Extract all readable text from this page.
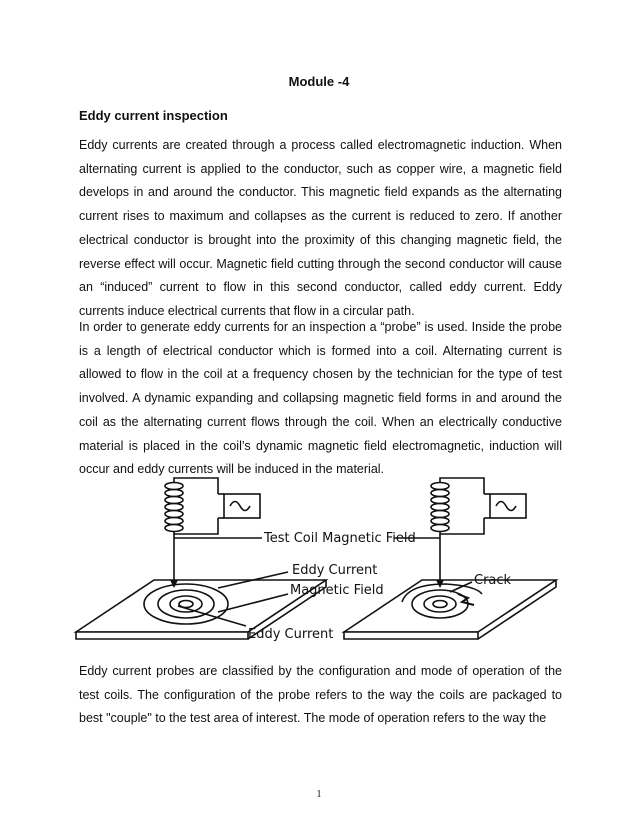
Module -4
Eddy current inspection

Eddy currents are created through a process called electromagnetic induction. When alternating current is applied to the conductor, such as copper wire, a magnetic field develops in and around the conductor. This magnetic field expands as the alternating current rises to maximum and collapses as the current is reduced to zero. If another electrical conductor is brought into the proximity of this changing magnetic field, the reverse effect will occur. Magnetic field cutting through the second conductor will cause an “induced” current to flow in this second conductor, called eddy current. Eddy currents induce electrical currents that flow in a circular path.

In order to generate eddy currents for an inspection a “probe” is used. Inside the probe is a length of electrical conductor which is formed into a coil. Alternating current is allowed to flow in the coil at a frequency chosen by the technician for the type of test involved. A dynamic expanding and collapsing magnetic field forms in and around the coil as the alternating current flows through the coil. When an electrically conductive material is placed in the coil’s dynamic magnetic field electromagnetic, induction will occur and eddy currents will be induced in the material.

Test Coil Magnetic Field
Eddy Current
Magnetic Field
Eddy Current
Crack

Eddy current probes are classified by the configuration and mode of operation of the test coils. The configuration of the probe refers to the way the coils are packaged to best "couple" to the test area of interest. The mode of operation refers to the way the

1
